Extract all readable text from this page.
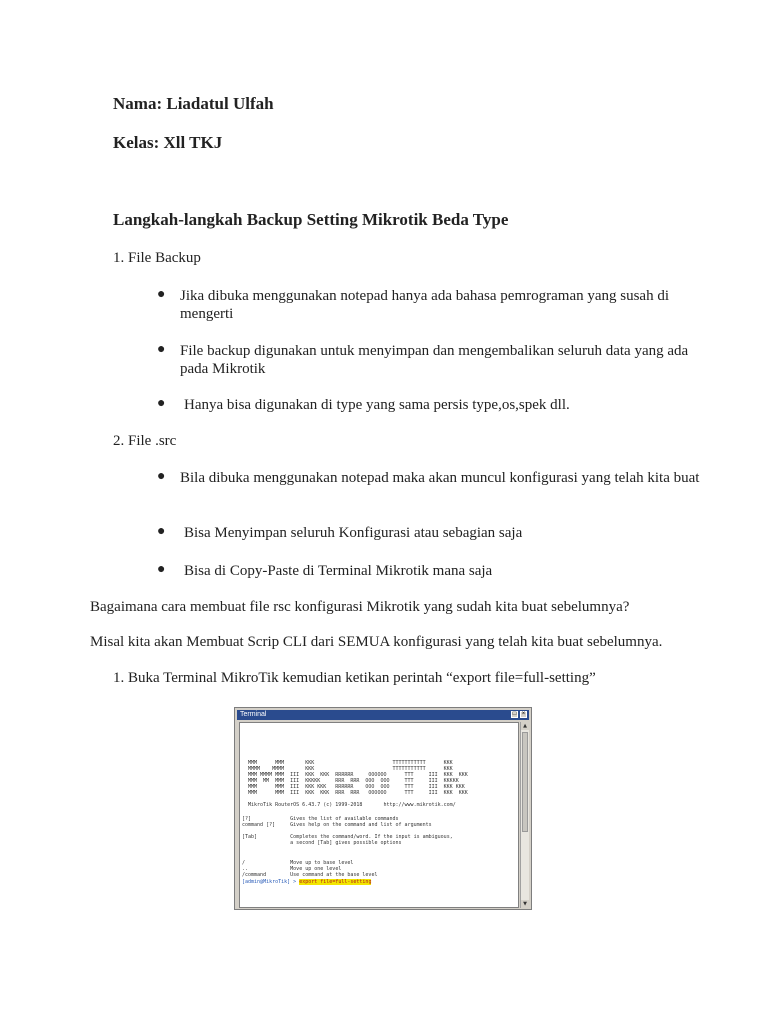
Nama: Liadatul Ulfah

Kelas: Xll TKJ

Langkah-langkah Backup Setting Mikrotik Beda Type

1. File Backup

● Jika dibuka menggunakan notepad hanya ada bahasa pemrograman yang susah di mengerti

● File backup digunakan untuk menyimpan dan mengembalikan seluruh data yang ada pada Mikrotik

● Hanya bisa digunakan di type yang sama persis type,os,spek dll.

2. File .src

● Bila dibuka menggunakan notepad maka akan muncul konfigurasi yang telah kita buat

● Bisa Menyimpan seluruh Konfigurasi atau sebagian saja

● Bisa di Copy-Paste di Terminal Mikrotik mana saja

Bagaimana cara membuat file rsc konfigurasi Mikrotik yang sudah kita buat sebelumnya?

Misal kita akan Membuat Scrip CLI dari SEMUA konfigurasi yang telah kita buat sebelumnya.

1. Buka Terminal MikroTik kemudian ketikan perintah “export file=full-setting”

Terminal	□ ×

MMM      MMM       KKK                          TTTTTTTTTTT      KKK

MMMM    MMMM       KKK                          TTTTTTTTTTT      KKK

MMM MMMM MMM  III  KKK  KKK  RRRRRR     OOOOOO      TTT     III  KKK  KKK

MMM  MM  MMM  III  KKKKK     RRR  RRR  OOO  OOO     TTT     III  KKKKK

MMM      MMM  III  KKK KKK   RRRRRR    OOO  OOO     TTT     III  KKK KKK

MMM      MMM  III  KKK  KKK  RRR  RRR   OOOOOO      TTT     III  KKK  KKK

MikroTik RouterOS 6.43.7 (c) 1999-2018       http://www.mikrotik.com/

[?]             Gives the list of available commands

command [?]     Gives help on the command and list of arguments

[Tab]           Completes the command/word. If the input is ambiguous,

a second [Tab] gives possible options

/               Move up to base level

..              Move up one level

/command        Use command at the base level

[admin@MikroTik] > export file=full-setting

▲
▼
